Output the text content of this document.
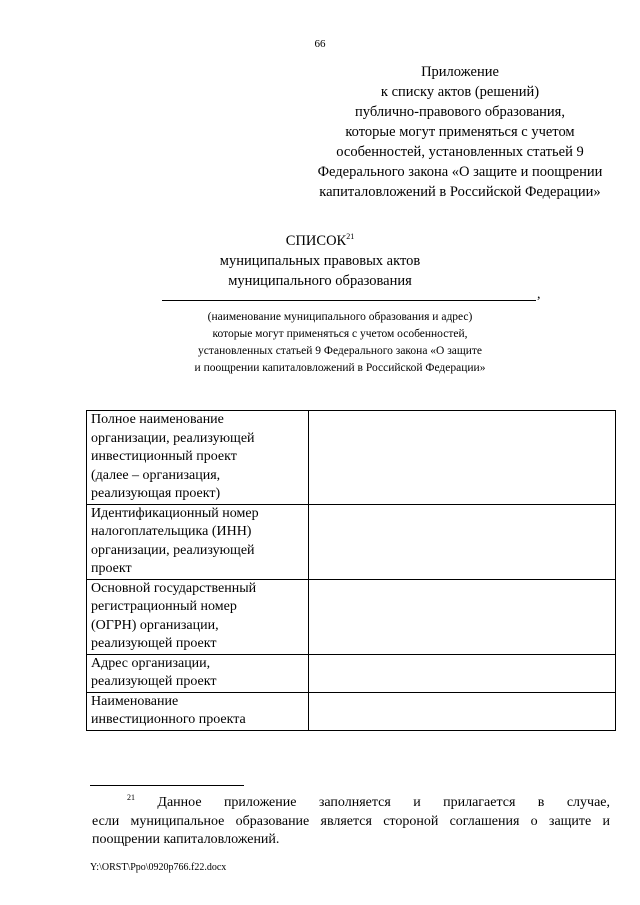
66
Приложение
к списку актов (решений)
публично-правового образования,
которые могут применяться с учетом
особенностей, установленных статьей 9
Федерального закона «О защите и поощрении
капиталовложений в Российской Федерации»
СПИСОК$^{21}$
муниципальных правовых актов
муниципального образования
,
(наименование муниципального образования и адрес)
которые могут применяться с учетом особенностей,
установленных статьей 9 Федерального закона «О защите
и поощрении капиталовложений в Российской Федерации»
Полное наименование
организации, реализующей
инвестиционный проект
(далее – организация,
реализующая проект)	

Идентификационный номер
налогоплательщика (ИНН)
организации, реализующей
проект	

Основной государственный
регистрационный номер
(ОГРН) организации,
реализующей проект	

Адрес организации,
реализующей проект	

Наименование
инвестиционного проекта	

$^{21}$ Данное приложение заполняется и прилагается в случае,
если муниципальное образование является стороной соглашения о защите и поощрении капиталовложений.
Y:\ORST\Ppo\0920p766.f22.docx
